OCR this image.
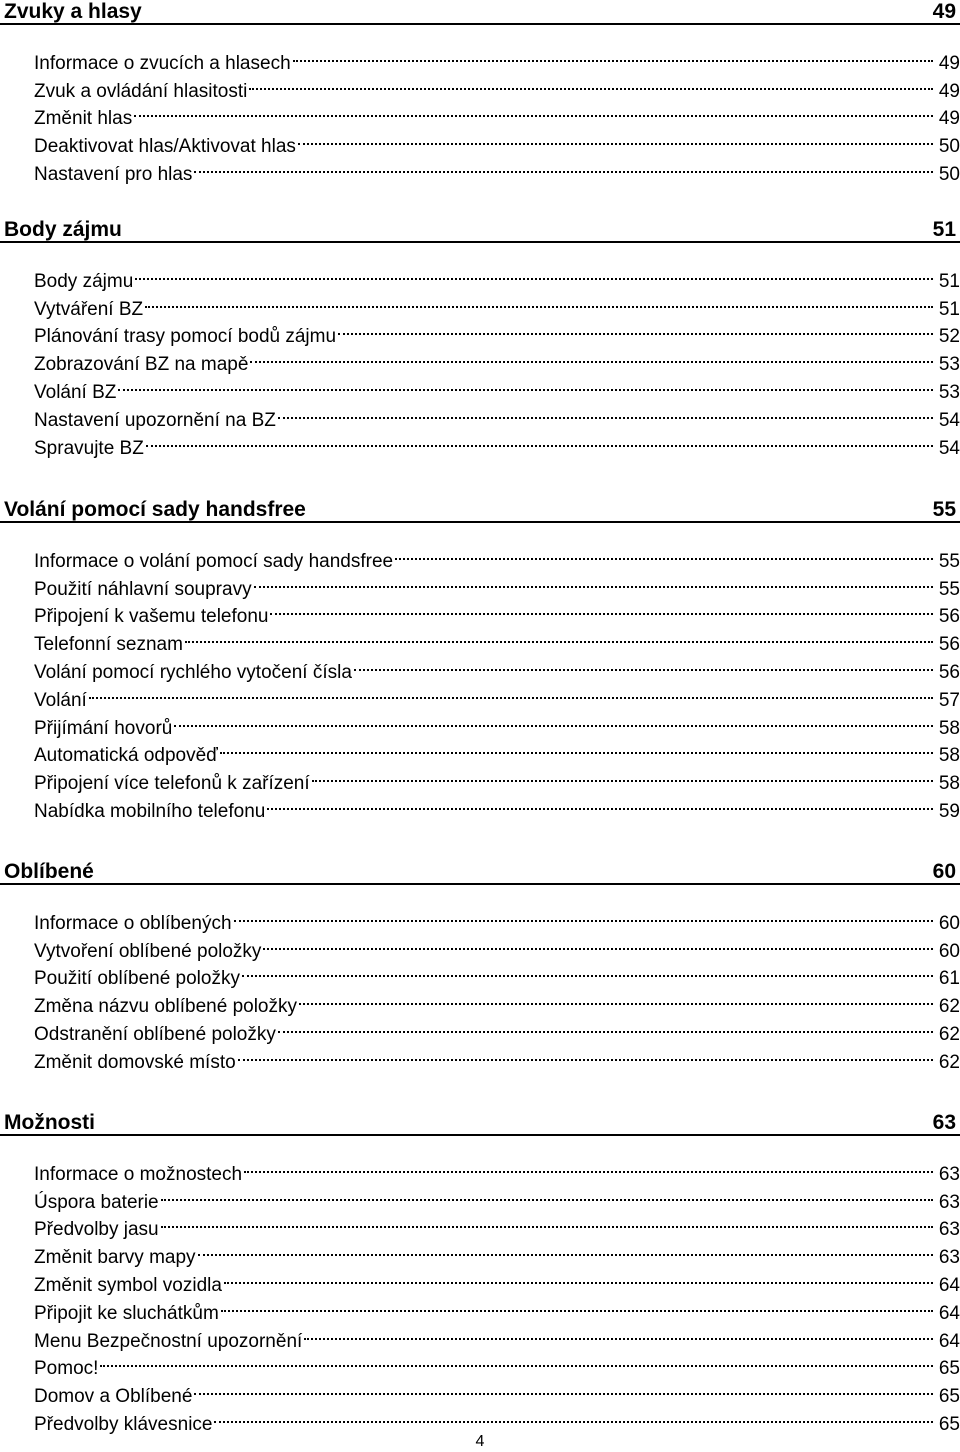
Zvuky a hlasy	49
Informace o zvucích a hlasech	49
Zvuk a ovládání hlasitosti	49
Změnit hlas	49
Deaktivovat hlas/Aktivovat hlas	50
Nastavení pro hlas	50
Body zájmu	51
Body zájmu	51
Vytváření BZ	51
Plánování trasy pomocí bodů zájmu	52
Zobrazování BZ na mapě	53
Volání BZ	53
Nastavení upozornění na BZ	54
Spravujte BZ	54
Volání pomocí sady handsfree	55
Informace o volání pomocí sady handsfree	55
Použití náhlavní soupravy	55
Připojení k vašemu telefonu	56
Telefonní seznam	56
Volání pomocí rychlého vytočení čísla	56
Volání	57
Přijímání hovorů	58
Automatická odpověď	58
Připojení více telefonů k zařízení	58
Nabídka mobilního telefonu	59
Oblíbené	60
Informace o oblíbených	60
Vytvoření oblíbené položky	60
Použití oblíbené položky	61
Změna názvu oblíbené položky	62
Odstranění oblíbené položky	62
Změnit domovské místo	62
Možnosti	63
Informace o možnostech	63
Úspora baterie	63
Předvolby jasu	63
Změnit barvy mapy	63
Změnit symbol vozidla	64
Připojit ke sluchátkům	64
Menu Bezpečnostní upozornění	64
Pomoc!	65
Domov a Oblíbené	65
Předvolby klávesnice	65
4
